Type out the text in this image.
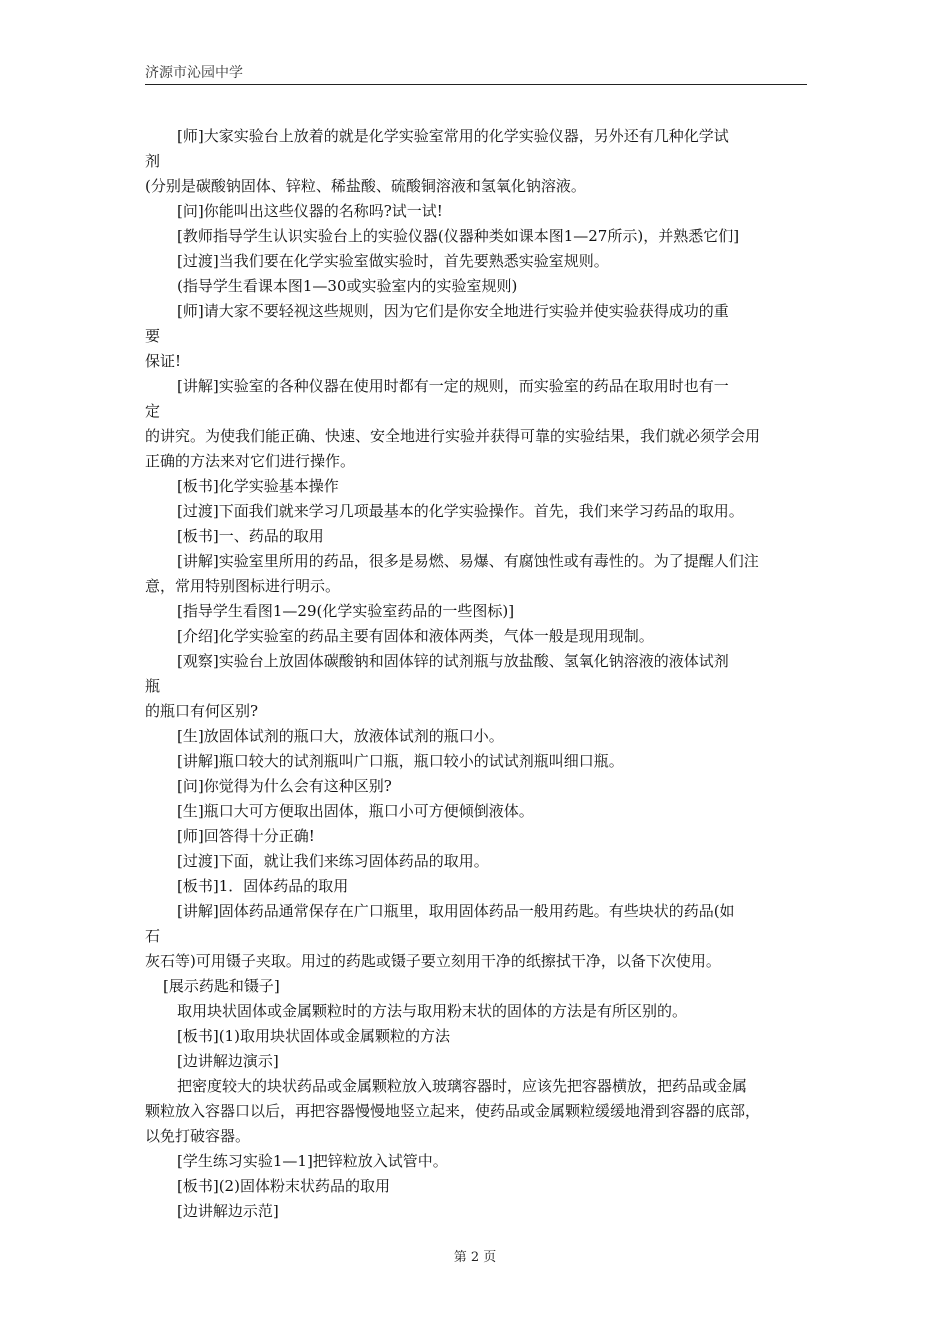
济源市沁园中学
[师]大家实验台上放着的就是化学实验室常用的化学实验仪器，另外还有几种化学试
剂
(分别是碳酸钠固体、锌粒、稀盐酸、硫酸铜溶液和氢氧化钠溶液。
[问]你能叫出这些仪器的名称吗?试一试!
[教师指导学生认识实验台上的实验仪器(仪器种类如课本图1—27所示)，并熟悉它们]
[过渡]当我们要在化学实验室做实验时，首先要熟悉实验室规则。
(指导学生看课本图1—30或实验室内的实验室规则)
[师]请大家不要轻视这些规则，因为它们是你安全地进行实验并使实验获得成功的重
要
保证!
[讲解]实验室的各种仪器在使用时都有一定的规则，而实验室的药品在取用时也有一
定
的讲究。为使我们能正确、快速、安全地进行实验并获得可靠的实验结果，我们就必须学会用
正确的方法来对它们进行操作。
[板书]化学实验基本操作
[过渡]下面我们就来学习几项最基本的化学实验操作。首先，我们来学习药品的取用。
[板书]一、药品的取用
[讲解]实验室里所用的药品，很多是易燃、易爆、有腐蚀性或有毒性的。为了提醒人们注
意，常用特别图标进行明示。
[指导学生看图1—29(化学实验室药品的一些图标)]
[介绍]化学实验室的药品主要有固体和液体两类，气体一般是现用现制。
[观察]实验台上放固体碳酸钠和固体锌的试剂瓶与放盐酸、氢氧化钠溶液的液体试剂
瓶
的瓶口有何区别?
[生]放固体试剂的瓶口大，放液体试剂的瓶口小。
[讲解]瓶口较大的试剂瓶叫广口瓶，瓶口较小的试试剂瓶叫细口瓶。
[问]你觉得为什么会有这种区别?
[生]瓶口大可方便取出固体，瓶口小可方便倾倒液体。
[师]回答得十分正确!
[过渡]下面，就让我们来练习固体药品的取用。
[板书]1．固体药品的取用
[讲解]固体药品通常保存在广口瓶里，取用固体药品一般用药匙。有些块状的药品(如
石
灰石等)可用镊子夹取。用过的药匙或镊子要立刻用干净的纸擦拭干净，以备下次使用。
[展示药匙和镊子]
取用块状固体或金属颗粒时的方法与取用粉末状的固体的方法是有所区别的。
[板书](1)取用块状固体或金属颗粒的方法
[边讲解边演示]
把密度较大的块状药品或金属颗粒放入玻璃容器时，应该先把容器横放，把药品或金属
颗粒放入容器口以后，再把容器慢慢地竖立起来，使药品或金属颗粒缓缓地滑到容器的底部，
以免打破容器。
[学生练习实验1—1]把锌粒放入试管中。
[板书](2)固体粉末状药品的取用
[边讲解边示范]
第 2 页
